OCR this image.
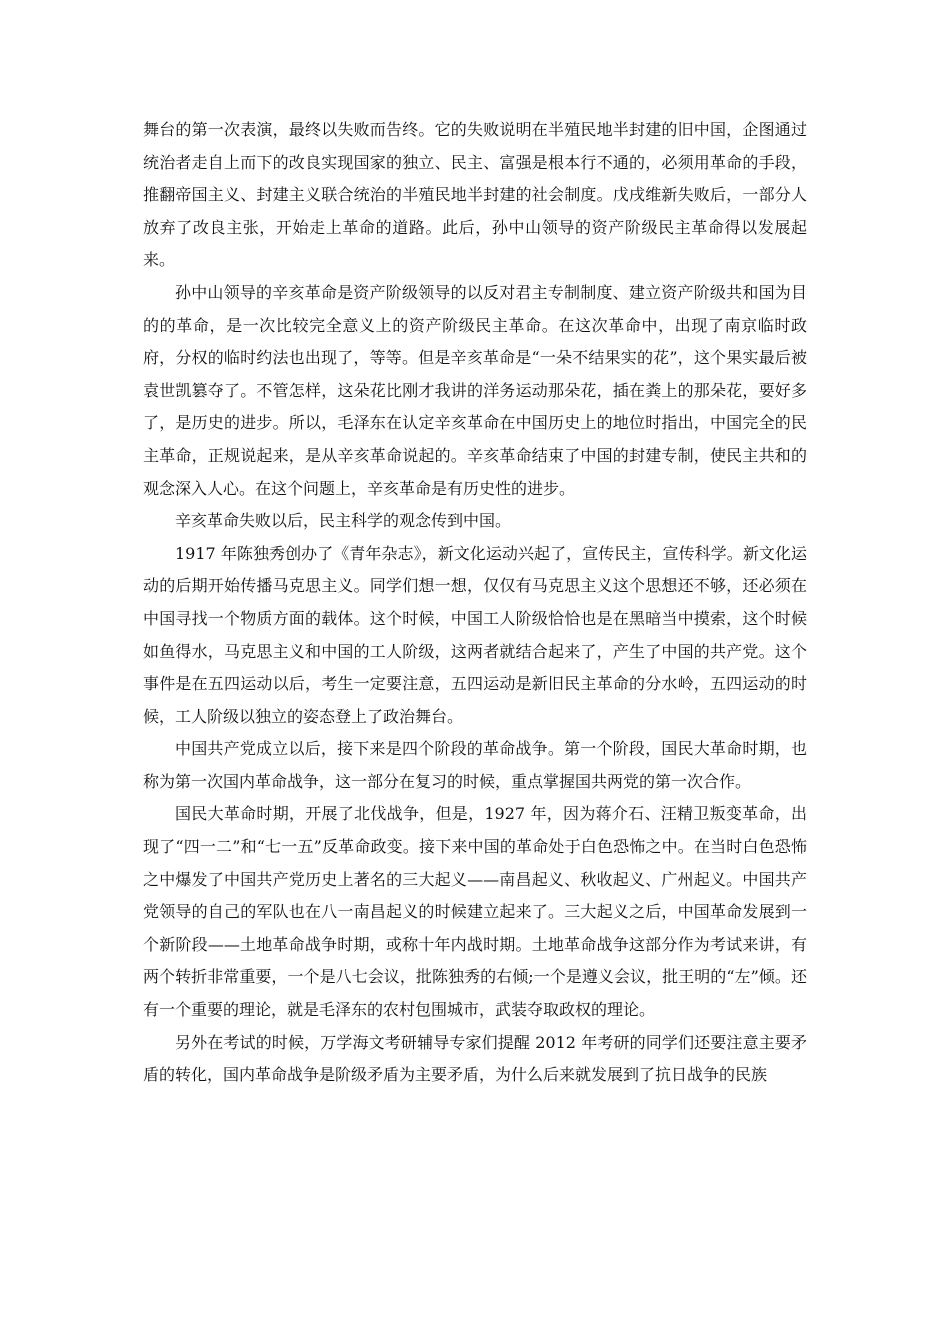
舞台的第一次表演，最终以失败而告终。它的失败说明在半殖民地半封建的旧中国，企图通过统治者走自上而下的改良实现国家的独立、民主、富强是根本行不通的，必须用革命的手段，推翻帝国主义、封建主义联合统治的半殖民地半封建的社会制度。戊戌维新失败后，一部分人放弃了改良主张，开始走上革命的道路。此后，孙中山领导的资产阶级民主革命得以发展起来。

孙中山领导的辛亥革命是资产阶级领导的以反对君主专制制度、建立资产阶级共和国为目的的革命，是一次比较完全意义上的资产阶级民主革命。在这次革命中，出现了南京临时政府，分权的临时约法也出现了，等等。但是辛亥革命是“一朵不结果实的花”，这个果实最后被袁世凯篡夺了。不管怎样，这朵花比刚才我讲的洋务运动那朵花，插在粪上的那朵花，要好多了，是历史的进步。所以，毛泽东在认定辛亥革命在中国历史上的地位时指出，中国完全的民主革命，正规说起来，是从辛亥革命说起的。辛亥革命结束了中国的封建专制，使民主共和的观念深入人心。在这个问题上，辛亥革命是有历史性的进步。

辛亥革命失败以后，民主科学的观念传到中国。

1917 年陈独秀创办了《青年杂志》，新文化运动兴起了，宣传民主，宣传科学。新文化运动的后期开始传播马克思主义。同学们想一想，仅仅有马克思主义这个思想还不够，还必须在中国寻找一个物质方面的载体。这个时候，中国工人阶级恰恰也是在黑暗当中摸索，这个时候如鱼得水，马克思主义和中国的工人阶级，这两者就结合起来了，产生了中国的共产党。这个事件是在五四运动以后，考生一定要注意，五四运动是新旧民主革命的分水岭，五四运动的时候，工人阶级以独立的姿态登上了政治舞台。

中国共产党成立以后，接下来是四个阶段的革命战争。第一个阶段，国民大革命时期，也称为第一次国内革命战争，这一部分在复习的时候，重点掌握国共两党的第一次合作。

国民大革命时期，开展了北伐战争，但是，1927 年，因为蒋介石、汪精卫叛变革命，出现了“四一二”和“七一五”反革命政变。接下来中国的革命处于白色恐怖之中。在当时白色恐怖之中爆发了中国共产党历史上著名的三大起义——南昌起义、秋收起义、广州起义。中国共产党领导的自己的军队也在八一南昌起义的时候建立起来了。三大起义之后，中国革命发展到一个新阶段——土地革命战争时期，或称十年内战时期。土地革命战争这部分作为考试来讲，有两个转折非常重要，一个是八七会议，批陈独秀的右倾;一个是遵义会议，批王明的“左”倾。还有一个重要的理论，就是毛泽东的农村包围城市，武装夺取政权的理论。

另外在考试的时候，万学海文考研辅导专家们提醒 2012 年考研的同学们还要注意主要矛盾的转化，国内革命战争是阶级矛盾为主要矛盾，为什么后来就发展到了抗日战争的民族
